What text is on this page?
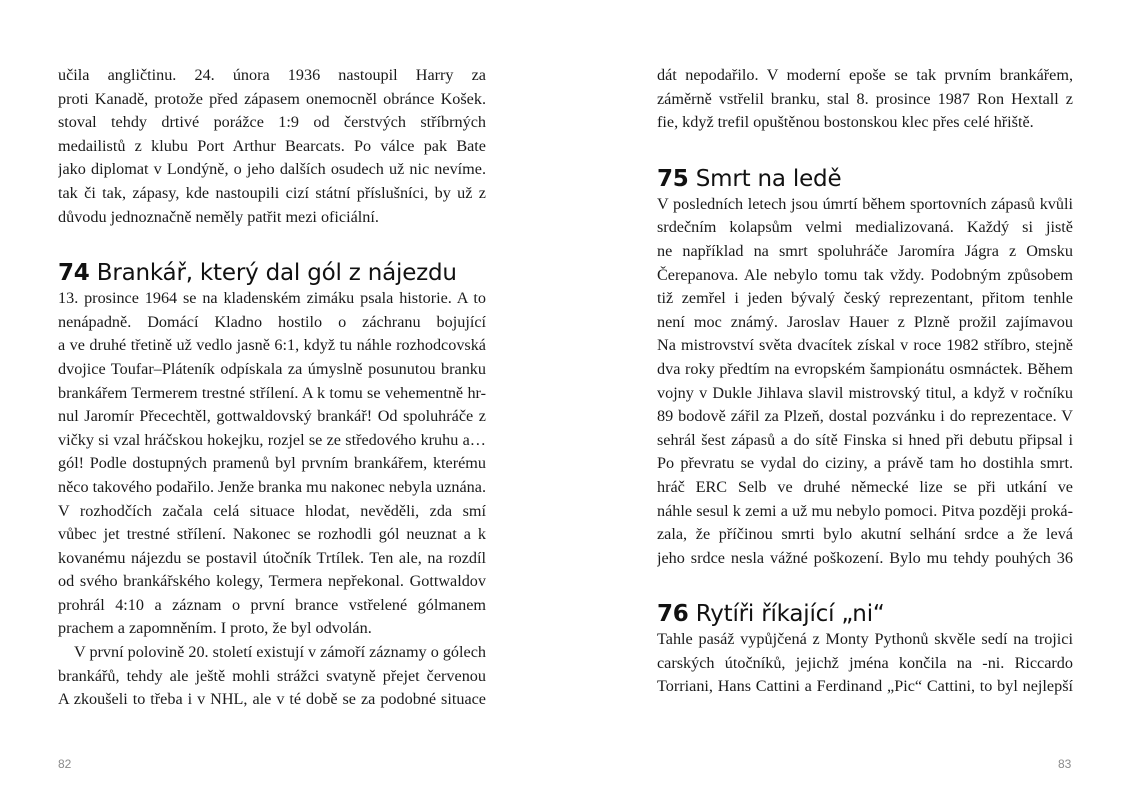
učila angličtinu. 24. února 1936 nastoupil Harry za
proti Kanadě, protože před zápasem onemocněl obránce Košek.
stoval tehdy drtivé porážce 1:9 od čerstvých stříbrných
medailistů z klubu Port Arthur Bearcats. Po válce pak Bate
jako diplomat v Londýně, o jeho dalších osudech už nic nevíme.
tak či tak, zápasy, kde nastoupili cizí státní příslušníci, by už z
důvodu jednoznačně neměly patřit mezi oficiální.
74 Brankář, který dal gól z nájezdu
13. prosince 1964 se na kladenském zimáku psala historie. A to
nenápadně. Domácí Kladno hostilo o záchranu bojující
a ve druhé třetině už vedlo jasně 6:1, když tu náhle rozhodcovská
dvojice Toufar–Pláteník odpískala za úmyslně posunutou branku
brankářem Termerem trestné střílení. A k tomu se vehementně hr-
nul Jaromír Přecechtěl, gottwaldovský brankář! Od spoluhráče z
vičky si vzal hráčskou hokejku, rozjel se ze středového kruhu a…
gól! Podle dostupných pramenů byl prvním brankářem, kterému
něco takového podařilo. Jenže branka mu nakonec nebyla uznána.
V rozhodčích začala celá situace hlodat, nevěděli, zda smí
vůbec jet trestné střílení. Nakonec se rozhodli gól neuznat a k
kovanému nájezdu se postavil útočník Trtílek. Ten ale, na rozdíl
od svého brankářského kolegy, Termera nepřekonal. Gottwaldov
prohrál 4:10 a záznam o první brance vstřelené gólmanem
prachem a zapomněním. I proto, že byl odvolán.
V první polovině 20. století existují v zámoří záznamy o gólech
brankářů, tehdy ale ještě mohli strážci svatyně přejet červenou
A zkoušeli to třeba i v NHL, ale v té době se za podobné situace
dát nepodařilo. V moderní epoše se tak prvním brankářem,
záměrně vstřelil branku, stal 8. prosince 1987 Ron Hextall z
fie, když trefil opuštěnou bostonskou klec přes celé hřiště.
75 Smrt na ledě
V posledních letech jsou úmrtí během sportovních zápasů kvůli
srdečním kolapsům velmi medializovaná. Každý si jistě
ne například na smrt spoluhráče Jaromíra Jágra z Omsku
Čerepanova. Ale nebylo tomu tak vždy. Podobným způsobem
tiž zemřel i jeden bývalý český reprezentant, přitom tenhle
není moc známý. Jaroslav Hauer z Plzně prožil zajímavou
Na mistrovství světa dvacítek získal v roce 1982 stříbro, stejně
dva roky předtím na evropském šampionátu osmnáctek. Během
vojny v Dukle Jihlava slavil mistrovský titul, a když v ročníku
89 bodově zářil za Plzeň, dostal pozvánku i do reprezentace. V
sehrál šest zápasů a do sítě Finska si hned při debutu připsal i
Po převratu se vydal do ciziny, a právě tam ho dostihla smrt.
hráč ERC Selb ve druhé německé lize se při utkání ve
náhle sesul k zemi a už mu nebylo pomoci. Pitva později proká-
zala, že příčinou smrti bylo akutní selhání srdce a že levá
jeho srdce nesla vážné poškození. Bylo mu tehdy pouhých 36
76 Rytíři říkající „ni“
Tahle pasáž vypůjčená z Monty Pythonů skvěle sedí na trojici
carských útočníků, jejichž jména končila na -ni. Riccardo
Torriani, Hans Cattini a Ferdinand „Pic“ Cattini, to byl nejlepší
82	83
